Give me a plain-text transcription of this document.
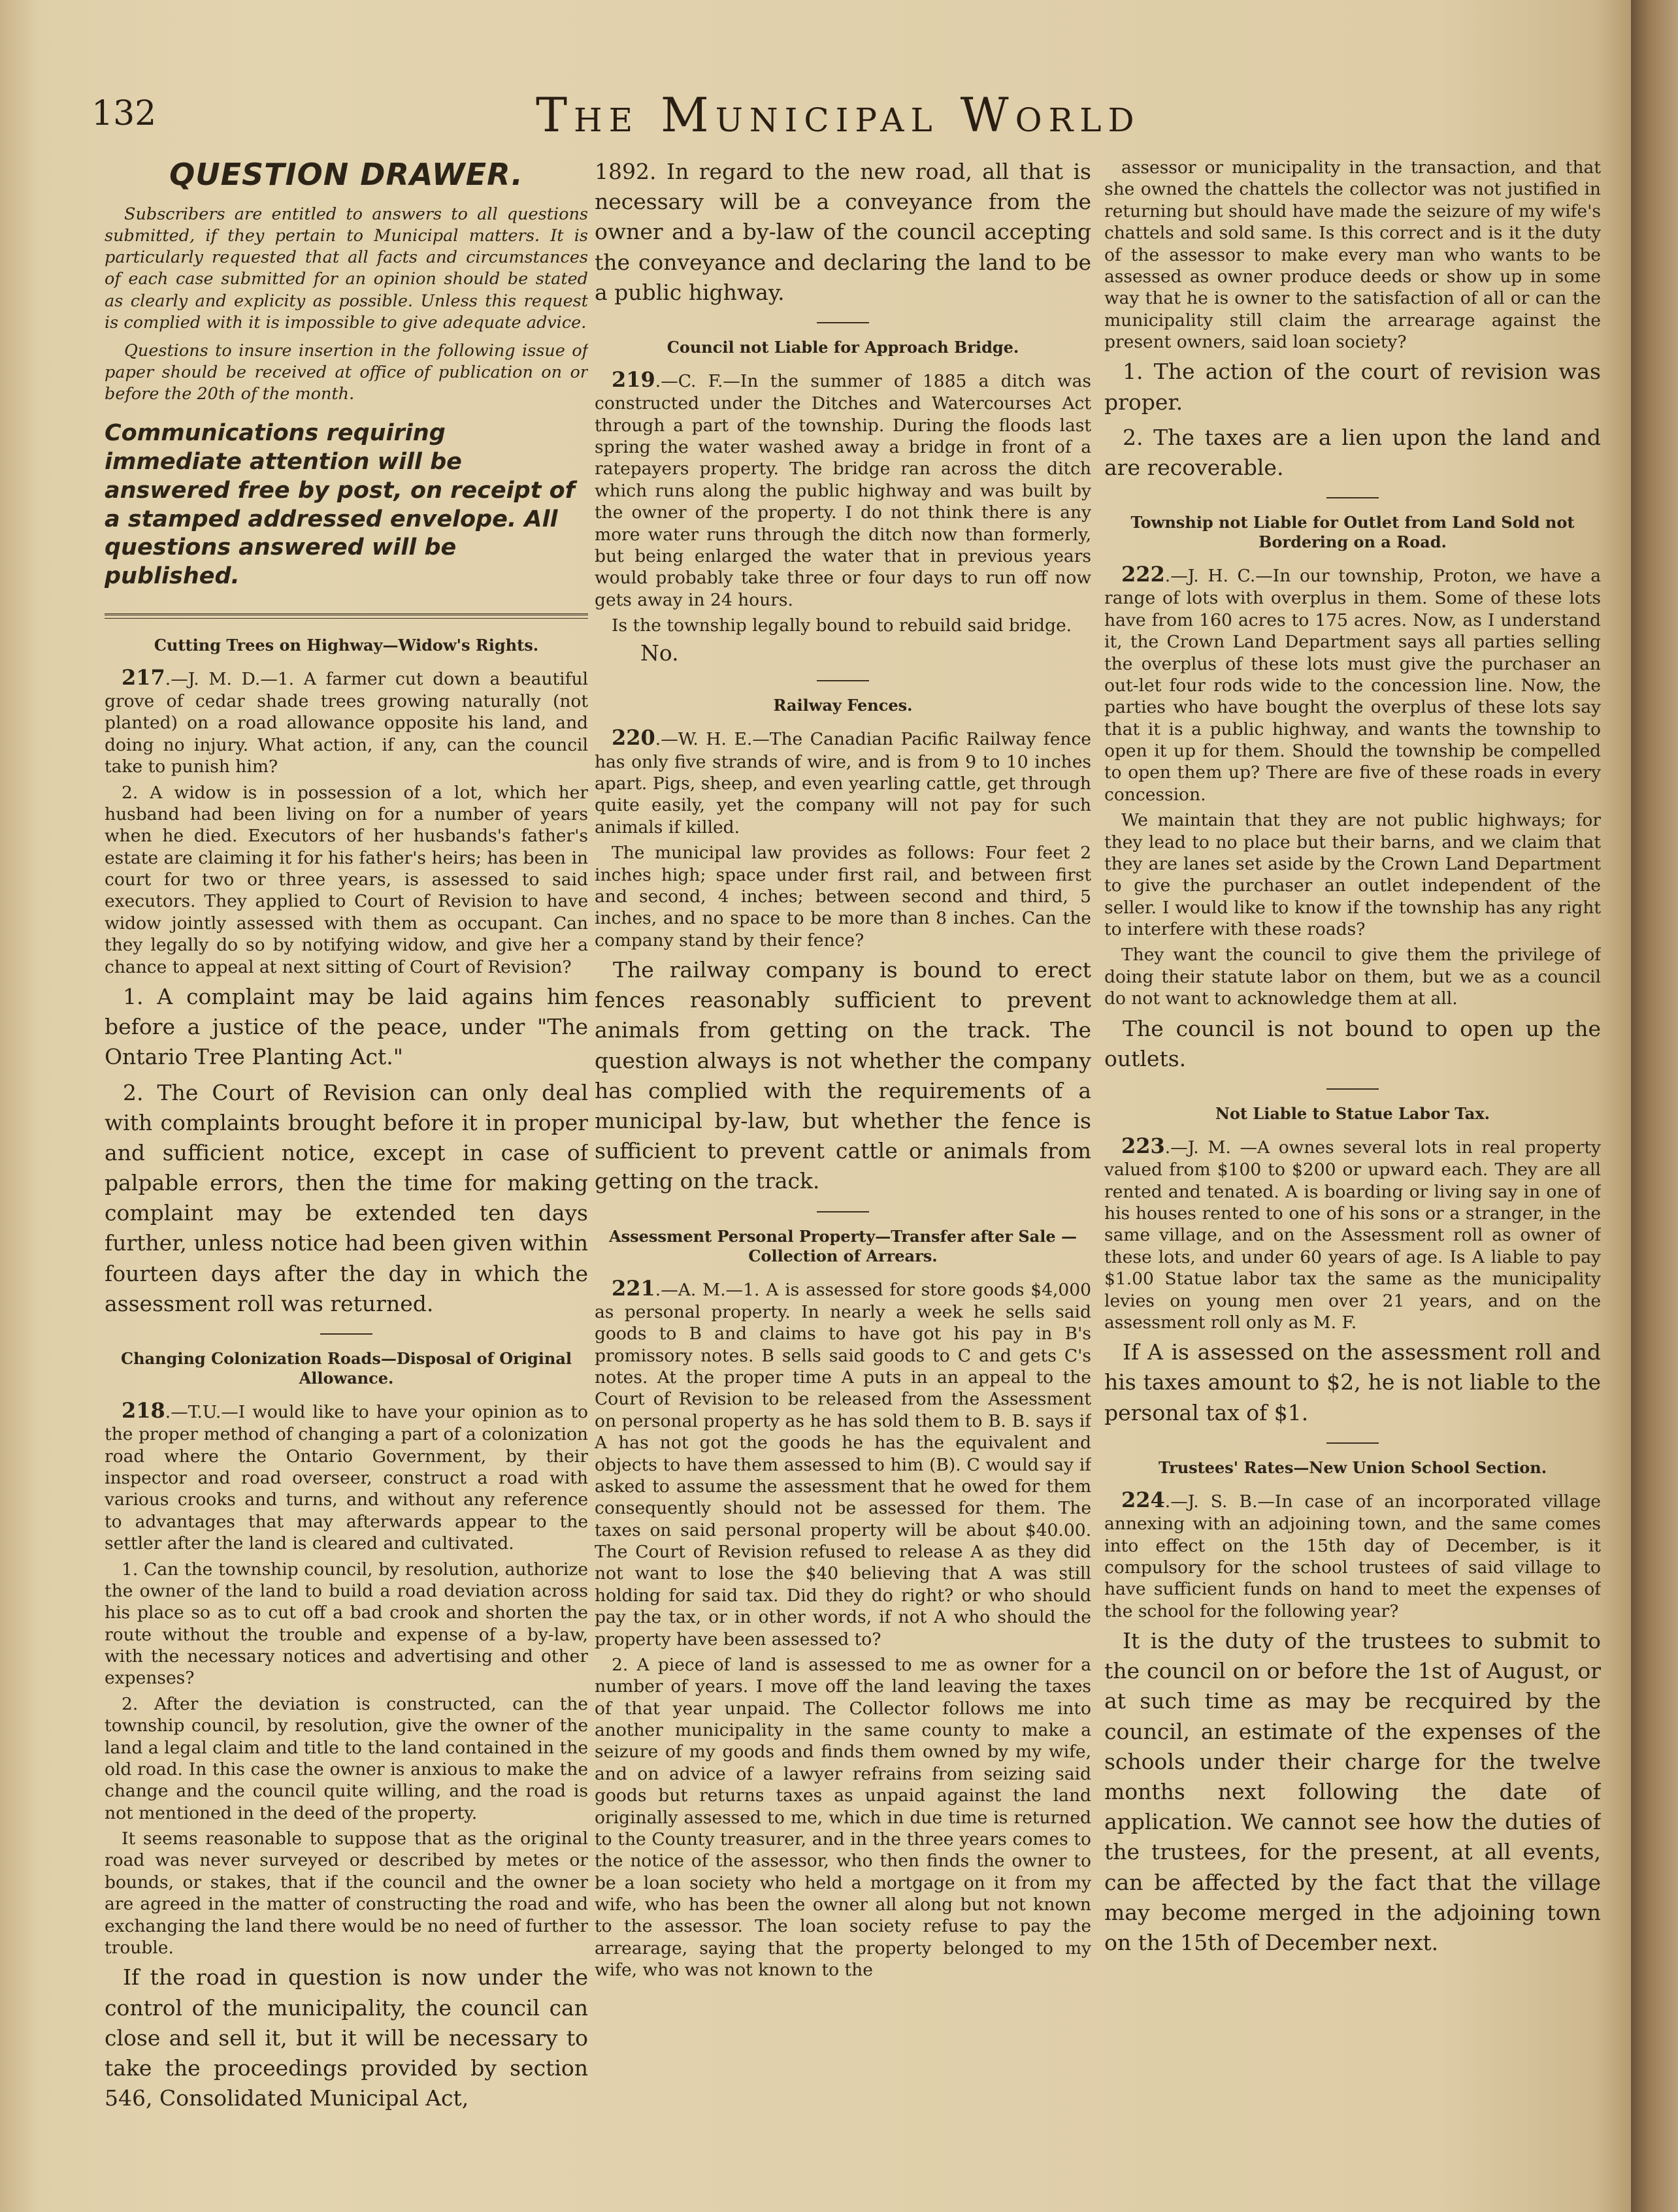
132	The Municipal World
QUESTION DRAWER.

Subscribers are entitled to answers to all questions submitted, if they pertain to Municipal matters. It is particularly requested that all facts and circumstances of each case submitted for an opinion should be stated as clearly and explicity as possible. Unless this request is complied with it is impossible to give adequate advice.

Questions to insure insertion in the following issue of paper should be received at office of publication on or before the 20th of the month.

Communications requiring immediate attention will be answered free by post, on receipt of a stamped addressed envelope. All questions answered will be published.
Cutting Trees on Highway—Widow's Rights.

217.—J. M. D.—1. A farmer cut down a beautiful grove of cedar shade trees growing naturally (not planted) on a road allowance opposite his land, and doing no injury. What action, if any, can the council take to punish him?

2. A widow is in possession of a lot, which her husband had been living on for a number of years when he died. Executors of her husbands's father's estate are claiming it for his father's heirs; has been in court for two or three years, is assessed to said executors. They applied to Court of Revision to have widow jointly assessed with them as occupant. Can they legally do so by notifying widow, and give her a chance to appeal at next sitting of Court of Revision?

1. A complaint may be laid agains him before a justice of the peace, under "The Ontario Tree Planting Act."

2. The Court of Revision can only deal with complaints brought before it in proper and sufficient notice, except in case of palpable errors, then the time for making complaint may be extended ten days further, unless notice had been given within fourteen days after the day in which the assessment roll was returned.

Changing Colonization Roads—Disposal of Original Allowance.

218.—T.U.—I would like to have your opinion as to the proper method of changing a part of a colonization road where the Ontario Government, by their inspector and road overseer, construct a road with various crooks and turns, and without any reference to advantages that may afterwards appear to the settler after the land is cleared and cultivated.

1. Can the township council, by resolution, authorize the owner of the land to build a road deviation across his place so as to cut off a bad crook and shorten the route without the trouble and expense of a by-law, with the necessary notices and advertising and other expenses?

2. After the deviation is constructed, can the township council, by resolution, give the owner of the land a legal claim and title to the land contained in the old road. In this case the owner is anxious to make the change and the council quite willing, and the road is not mentioned in the deed of the property.

It seems reasonable to suppose that as the original road was never surveyed or described by metes or bounds, or stakes, that if the council and the owner are agreed in the matter of constructing the road and exchanging the land there would be no need of further trouble.

If the road in question is now under the control of the municipality, the council can close and sell it, but it will be necessary to take the proceedings provided by section 546, Consolidated Municipal Act,

1892. In regard to the new road, all that is necessary will be a conveyance from the owner and a by-law of the council accepting the conveyance and declaring the land to be a public highway.

Council not Liable for Approach Bridge.

219.—C. F.—In the summer of 1885 a ditch was constructed under the Ditches and Watercourses Act through a part of the township. During the floods last spring the water washed away a bridge in front of a ratepayers property. The bridge ran across the ditch which runs along the public highway and was built by the owner of the property. I do not think there is any more water runs through the ditch now than formerly, but being enlarged the water that in previous years would probably take three or four days to run off now gets away in 24 hours.

Is the township legally bound to rebuild said bridge.

No.

Railway Fences.

220.—W. H. E.—The Canadian Pacific Railway fence has only five strands of wire, and is from 9 to 10 inches apart. Pigs, sheep, and even yearling cattle, get through quite easily, yet the company will not pay for such animals if killed.

The municipal law provides as follows: Four feet 2 inches high; space under first rail, and between first and second, 4 inches; between second and third, 5 inches, and no space to be more than 8 inches. Can the company stand by their fence?

The railway company is bound to erect fences reasonably sufficient to prevent animals from getting on the track. The question always is not whether the company has complied with the requirements of a municipal by-law, but whether the fence is sufficient to prevent cattle or animals from getting on the track.

Assessment Personal Property—Transfer after Sale —Collection of Arrears.

221.—A. M.—1. A is assessed for store goods $4,000 as personal property. In nearly a week he sells said goods to B and claims to have got his pay in B's promissory notes. B sells said goods to C and gets C's notes. At the proper time A puts in an appeal to the Court of Revision to be released from the Assessment on personal property as he has sold them to B. B. says if A has not got the goods he has the equivalent and objects to have them assessed to him (B). C would say if asked to assume the assessment that he owed for them consequently should not be assessed for them. The taxes on said personal property will be about $40.00. The Court of Revision refused to release A as they did not want to lose the $40 believing that A was still holding for said tax. Did they do right? or who should pay the tax, or in other words, if not A who should the property have been assessed to?

2. A piece of land is assessed to me as owner for a number of years. I move off the land leaving the taxes of that year unpaid. The Collector follows me into another municipality in the same county to make a seizure of my goods and finds them owned by my wife, and on advice of a lawyer refrains from seizing said goods but returns taxes as unpaid against the land originally assessed to me, which in due time is returned to the County treasurer, and in the three years comes to the notice of the assessor, who then finds the owner to be a loan society who held a mortgage on it from my wife, who has been the owner all along but not known to the assessor. The loan society refuse to pay the arrearage, saying that the property belonged to my wife, who was not known to the

assessor or municipality in the transaction, and that she owned the chattels the collector was not justified in returning but should have made the seizure of my wife's chattels and sold same. Is this correct and is it the duty of the assessor to make every man who wants to be assessed as owner produce deeds or show up in some way that he is owner to the satisfaction of all or can the municipality still claim the arrearage against the present owners, said loan society?

1. The action of the court of revision was proper.

2. The taxes are a lien upon the land and are recoverable.

Township not Liable for Outlet from Land Sold not Bordering on a Road.

222.—J. H. C.—In our township, Proton, we have a range of lots with overplus in them. Some of these lots have from 160 acres to 175 acres. Now, as I understand it, the Crown Land Department says all parties selling the overplus of these lots must give the purchaser an out-let four rods wide to the concession line. Now, the parties who have bought the overplus of these lots say that it is a public highway, and wants the township to open it up for them. Should the township be compelled to open them up? There are five of these roads in every concession.

We maintain that they are not public highways; for they lead to no place but their barns, and we claim that they are lanes set aside by the Crown Land Department to give the purchaser an outlet independent of the seller. I would like to know if the township has any right to interfere with these roads?

They want the council to give them the privilege of doing their statute labor on them, but we as a council do not want to acknowledge them at all.

The council is not bound to open up the outlets.

Not Liable to Statue Labor Tax.

223.—J. M. —A ownes several lots in real property valued from $100 to $200 or upward each. They are all rented and tenated. A is boarding or living say in one of his houses rented to one of his sons or a stranger, in the same village, and on the Assessment roll as owner of these lots, and under 60 years of age. Is A liable to pay $1.00 Statue labor tax the same as the municipality levies on young men over 21 years, and on the assessment roll only as M. F.

If A is assessed on the assessment roll and his taxes amount to $2, he is not liable to the personal tax of $1.

Trustees' Rates—New Union School Section.

224.—J. S. B.—In case of an incorporated village annexing with an adjoining town, and the same comes into effect on the 15th day of December, is it compulsory for the school trustees of said village to have sufficient funds on hand to meet the expenses of the school for the following year?

It is the duty of the trustees to submit to the council on or before the 1st of August, or at such time as may be recquired by the council, an estimate of the expenses of the schools under their charge for the twelve months next following the date of application. We cannot see how the duties of the trustees, for the present, at all events, can be affected by the fact that the village may become merged in the adjoining town on the 15th of December next.
